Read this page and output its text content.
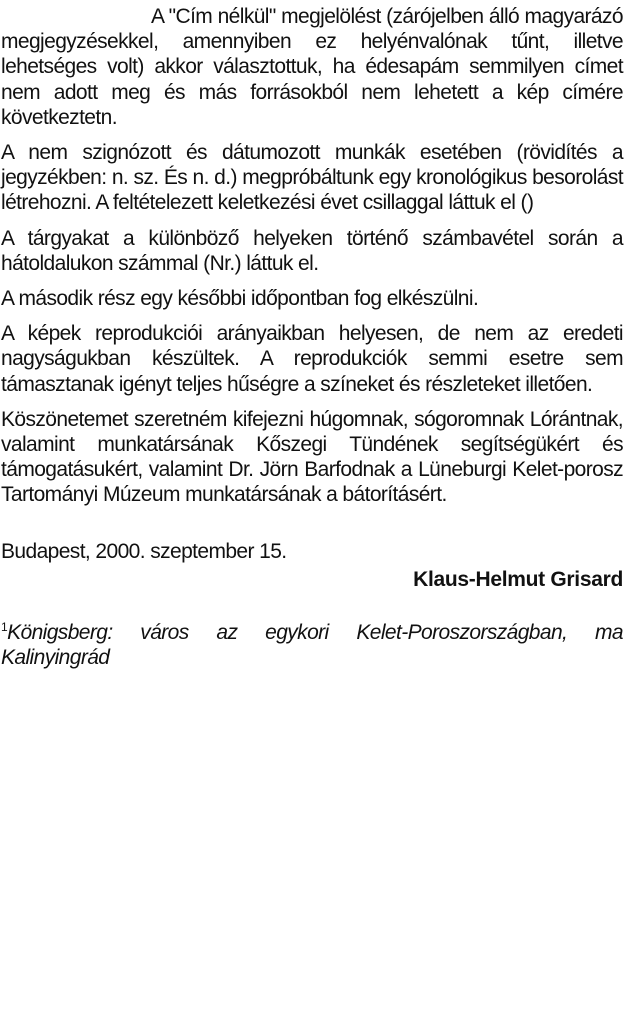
A "Cím nélkül" megjelölést (zárójelben álló magyarázó megjegyzésekkel, amennyiben ez helyénvalónak tűnt, illetve lehetséges volt) akkor választottuk, ha édesapám semmilyen címet nem adott meg és más forrásokból nem lehetett a kép címére következtetn.

A nem szignózott és dátumozott munkák esetében (rövidítés a jegyzékben: n. sz. És n. d.) megpróbáltunk egy kronológikus besorolást létrehozni. A feltételezett keletkezési évet csillaggal láttuk el ()

A tárgyakat a különböző helyeken történő számbavétel során a hátoldalukon számmal (Nr.) láttuk el.

A második rész egy későbbi időpontban fog elkészülni.

A képek reprodukciói arányaikban helyesen, de nem az eredeti nagyságukban készültek. A reprodukciók semmi esetre sem támasztanak igényt teljes hűségre a színeket és részleteket illetően.

Köszönetemet szeretném kifejezni húgomnak, sógoromnak Lórántnak, valamint munkatársának Kőszegi Tündének segítségükért és támogatásukért, valamint Dr. Jörn Barfodnak a Lüneburgi Kelet-porosz Tartományi Múzeum munkatársának a bátorításért.

Budapest, 2000. szeptember 15.

Klaus-Helmut Grisard

$^1$Königsberg: város az egykori Kelet-Poroszországban, ma Kalinyingrád
